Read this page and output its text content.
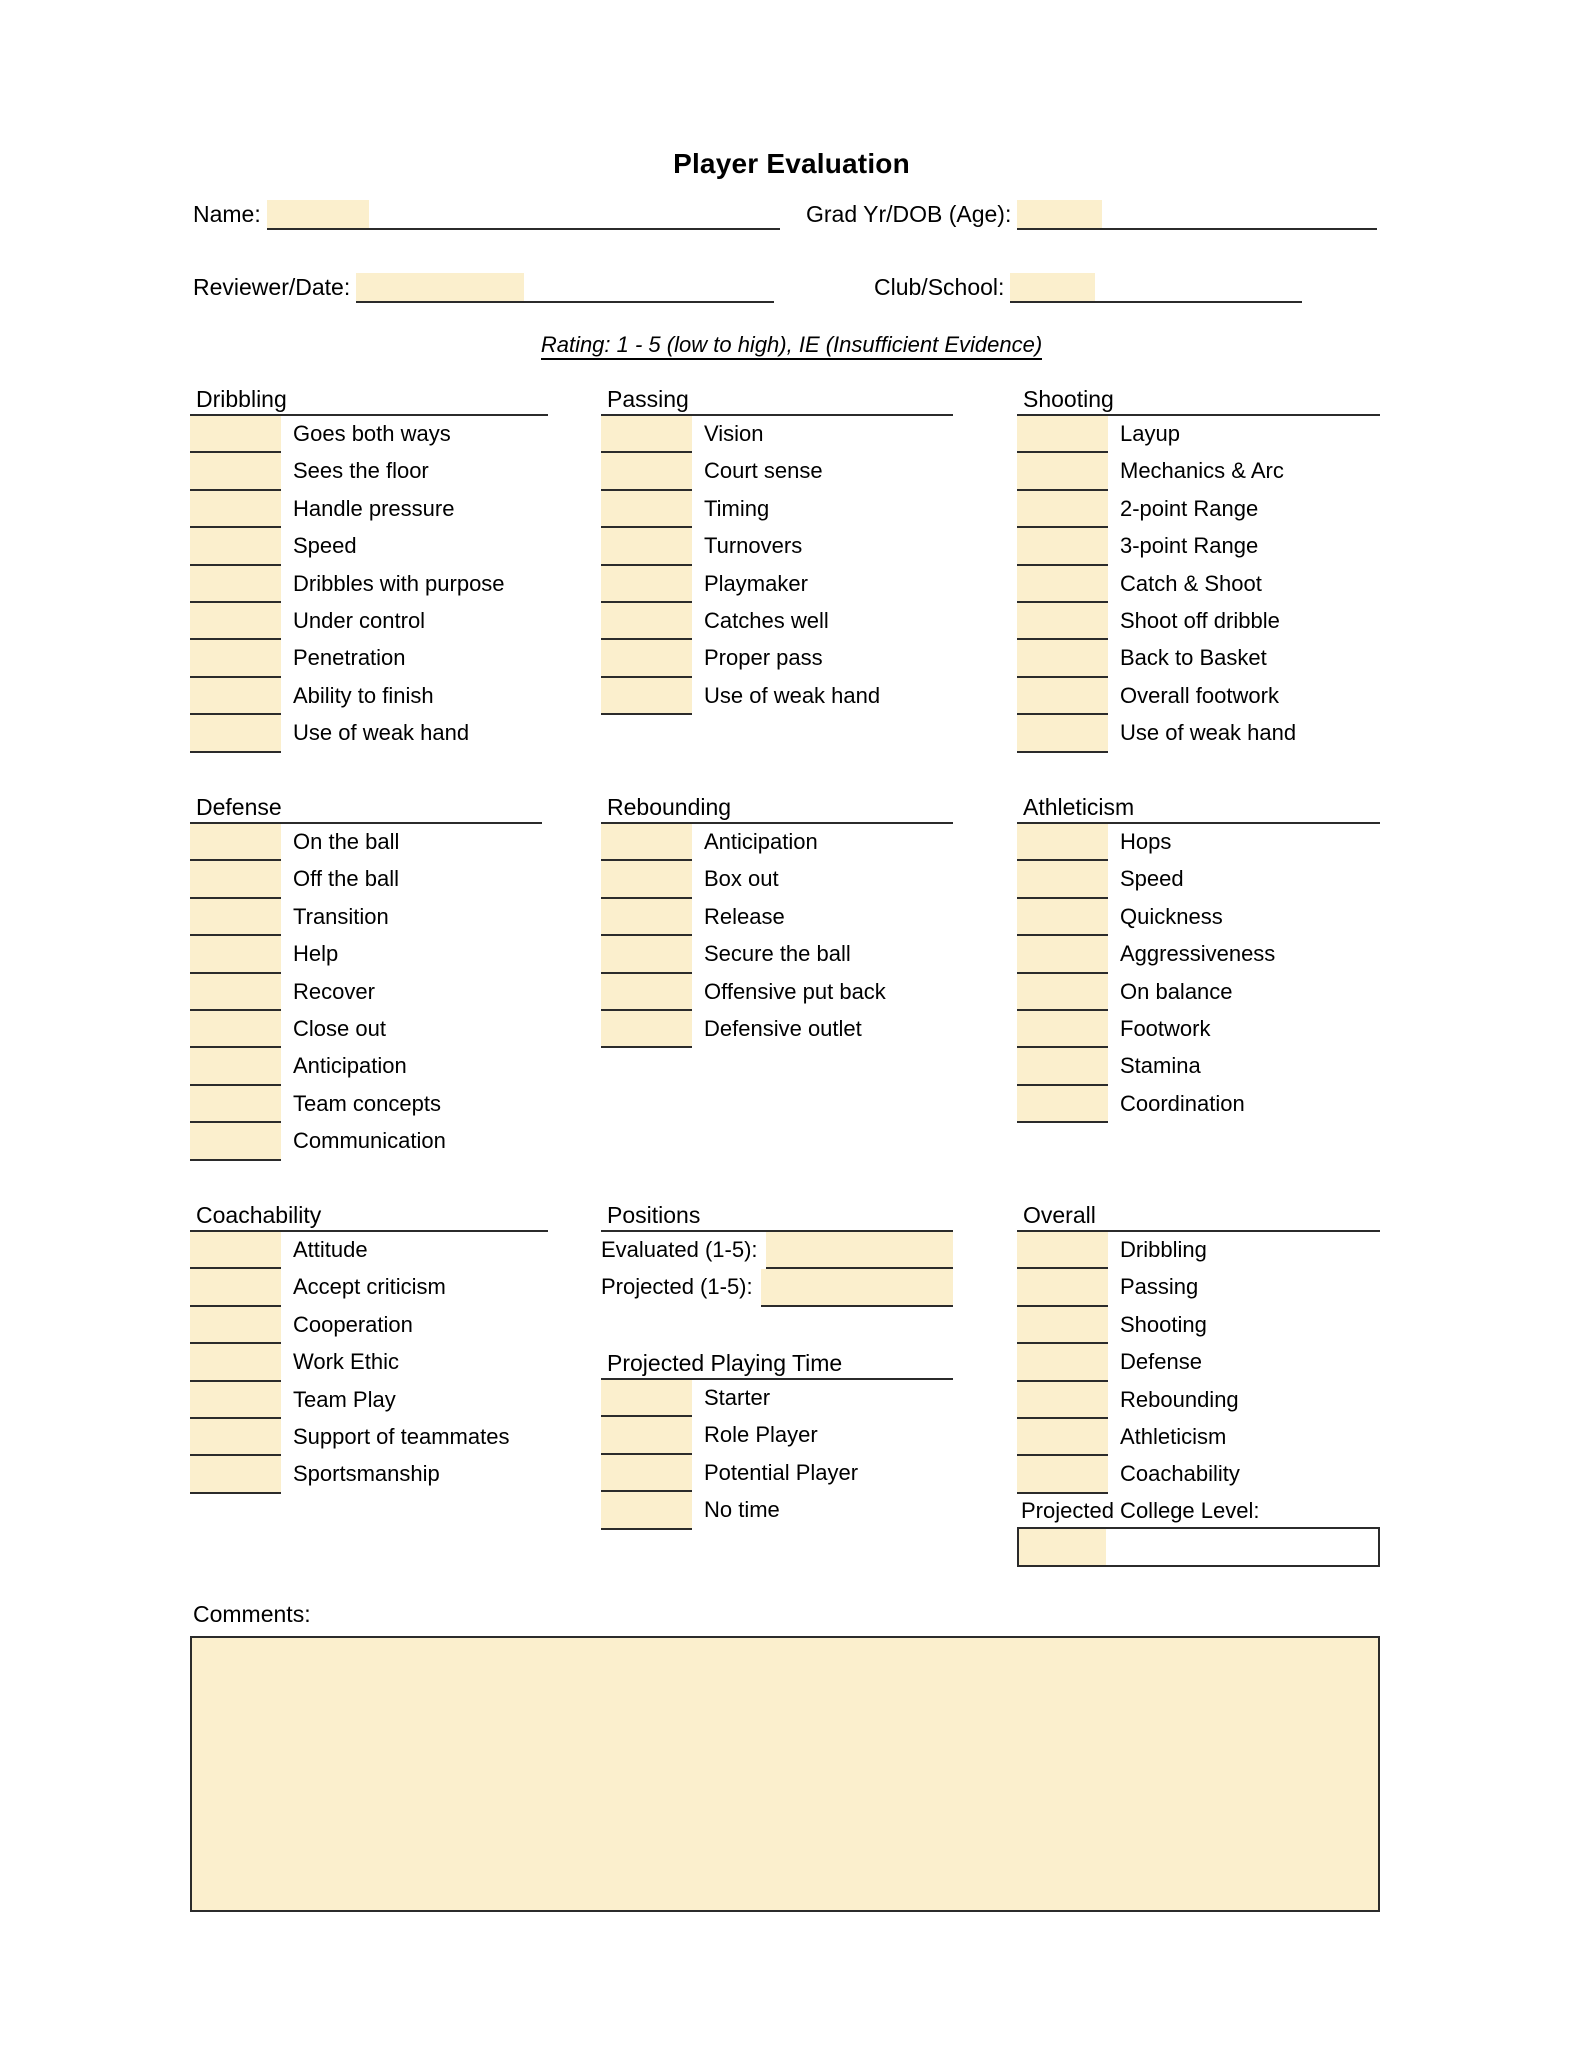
Player Evaluation
Name:	Grad Yr/DOB (Age):
Reviewer/Date:	Club/School:
Rating: 1 - 5 (low to high), IE (Insufficient Evidence)
Dribbling
Goes both ways
Sees the floor
Handle pressure
Speed
Dribbles with purpose
Under control
Penetration
Ability to finish
Use of weak hand
Passing
Vision
Court sense
Timing
Turnovers
Playmaker
Catches well
Proper pass
Use of weak hand
Shooting
Layup
Mechanics & Arc
2-point Range
3-point Range
Catch & Shoot
Shoot off dribble
Back to Basket
Overall footwork
Use of weak hand
Defense
On the ball
Off the ball
Transition
Help
Recover
Close out
Anticipation
Team concepts
Communication
Rebounding
Anticipation
Box out
Release
Secure the ball
Offensive put back
Defensive outlet
Athleticism
Hops
Speed
Quickness
Aggressiveness
On balance
Footwork
Stamina
Coordination
Coachability
Attitude
Accept criticism
Cooperation
Work Ethic
Team Play
Support of teammates
Sportsmanship
Positions
Evaluated (1-5):
Projected (1-5):
Projected Playing Time
Starter
Role Player
Potential Player
No time
Overall
Dribbling
Passing
Shooting
Defense
Rebounding
Athleticism
Coachability
Projected College Level:
Comments:
